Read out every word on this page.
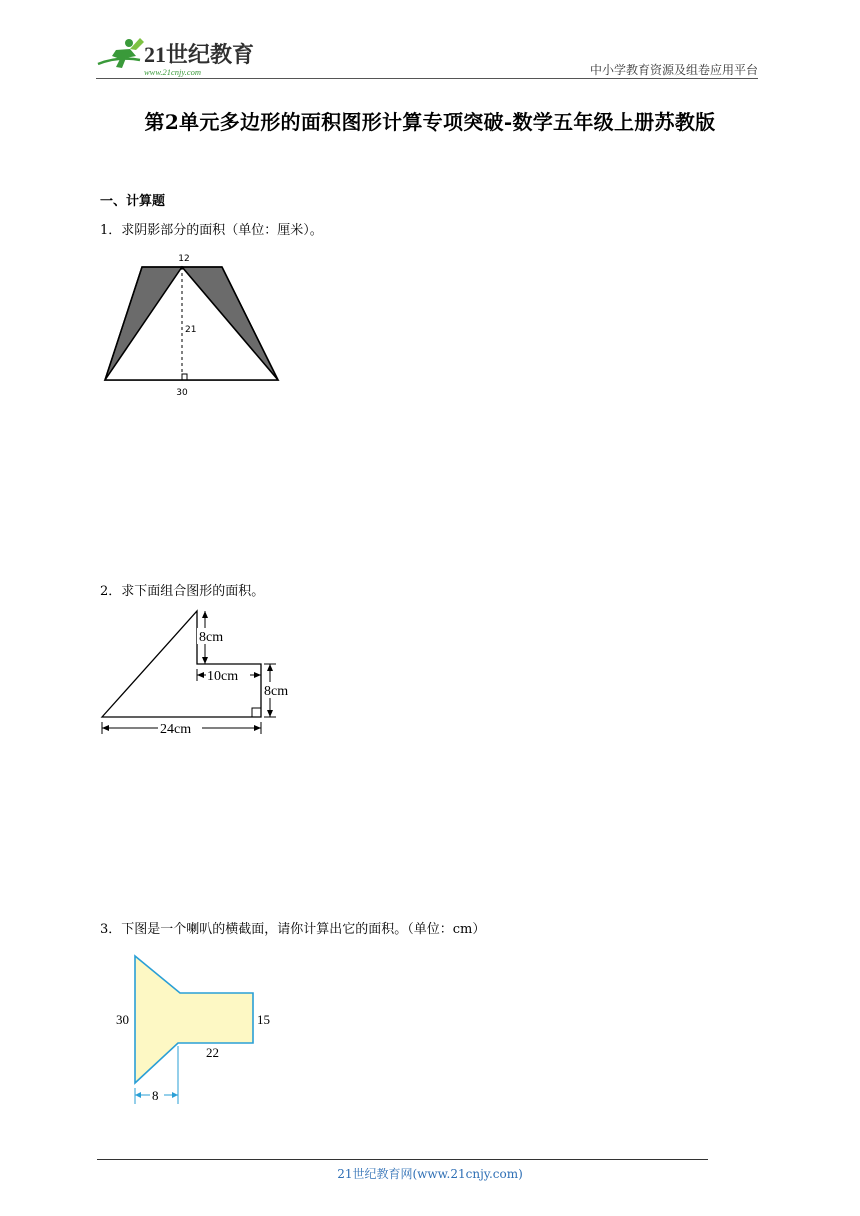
21世纪教育
www.21cnjy.com	中小学教育资源及组卷应用平台
第2单元多边形的面积图形计算专项突破-数学五年级上册苏教版
一、计算题
1．求阴影部分的面积（单位：厘米）。
12
21
30
2．求下面组合图形的面积。
8cm
10cm
8cm
24cm
3．下图是一个喇叭的横截面，请你计算出它的面积。（单位：cm）
8
30	15
22
21世纪教育网(www.21cnjy.com)
